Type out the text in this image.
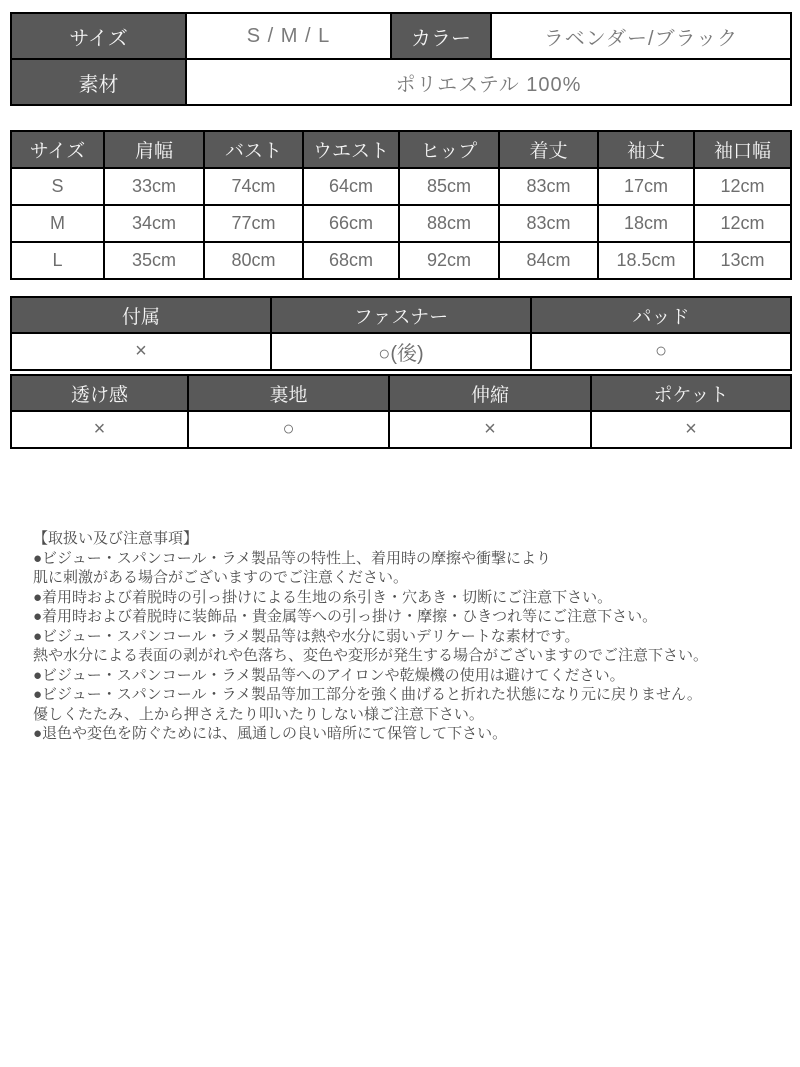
サイズ	S / M / L	カラー	ラベンダー/ブラック
素材	ポリエステル 100%		
サイズ	肩幅	バスト	ウエスト	ヒップ	着丈	袖丈	袖口幅
S	33cm	74cm	64cm	85cm	83cm	17cm	12cm
M	34cm	77cm	66cm	88cm	83cm	18cm	12cm
L	35cm	80cm	68cm	92cm	84cm	18.5cm	13cm
付属	ファスナー	パッド
×	○(後)	○
透け感	裏地	伸縮	ポケット
×	○	×	×
【取扱い及び注意事項】
●ビジュー・スパンコール・ラメ製品等の特性上、着用時の摩擦や衝撃により
肌に刺激がある場合がございますのでご注意ください。
●着用時および着脱時の引っ掛けによる生地の糸引き・穴あき・切断にご注意下さい。
●着用時および着脱時に装飾品・貴金属等への引っ掛け・摩擦・ひきつれ等にご注意下さい。
●ビジュー・スパンコール・ラメ製品等は熱や水分に弱いデリケートな素材です。
熱や水分による表面の剥がれや色落ち、変色や変形が発生する場合がございますのでご注意下さい。
●ビジュー・スパンコール・ラメ製品等へのアイロンや乾燥機の使用は避けてください。
●ビジュー・スパンコール・ラメ製品等加工部分を強く曲げると折れた状態になり元に戻りません。
優しくたたみ、上から押さえたり叩いたりしない様ご注意下さい。
●退色や変色を防ぐためには、風通しの良い暗所にて保管して下さい。
